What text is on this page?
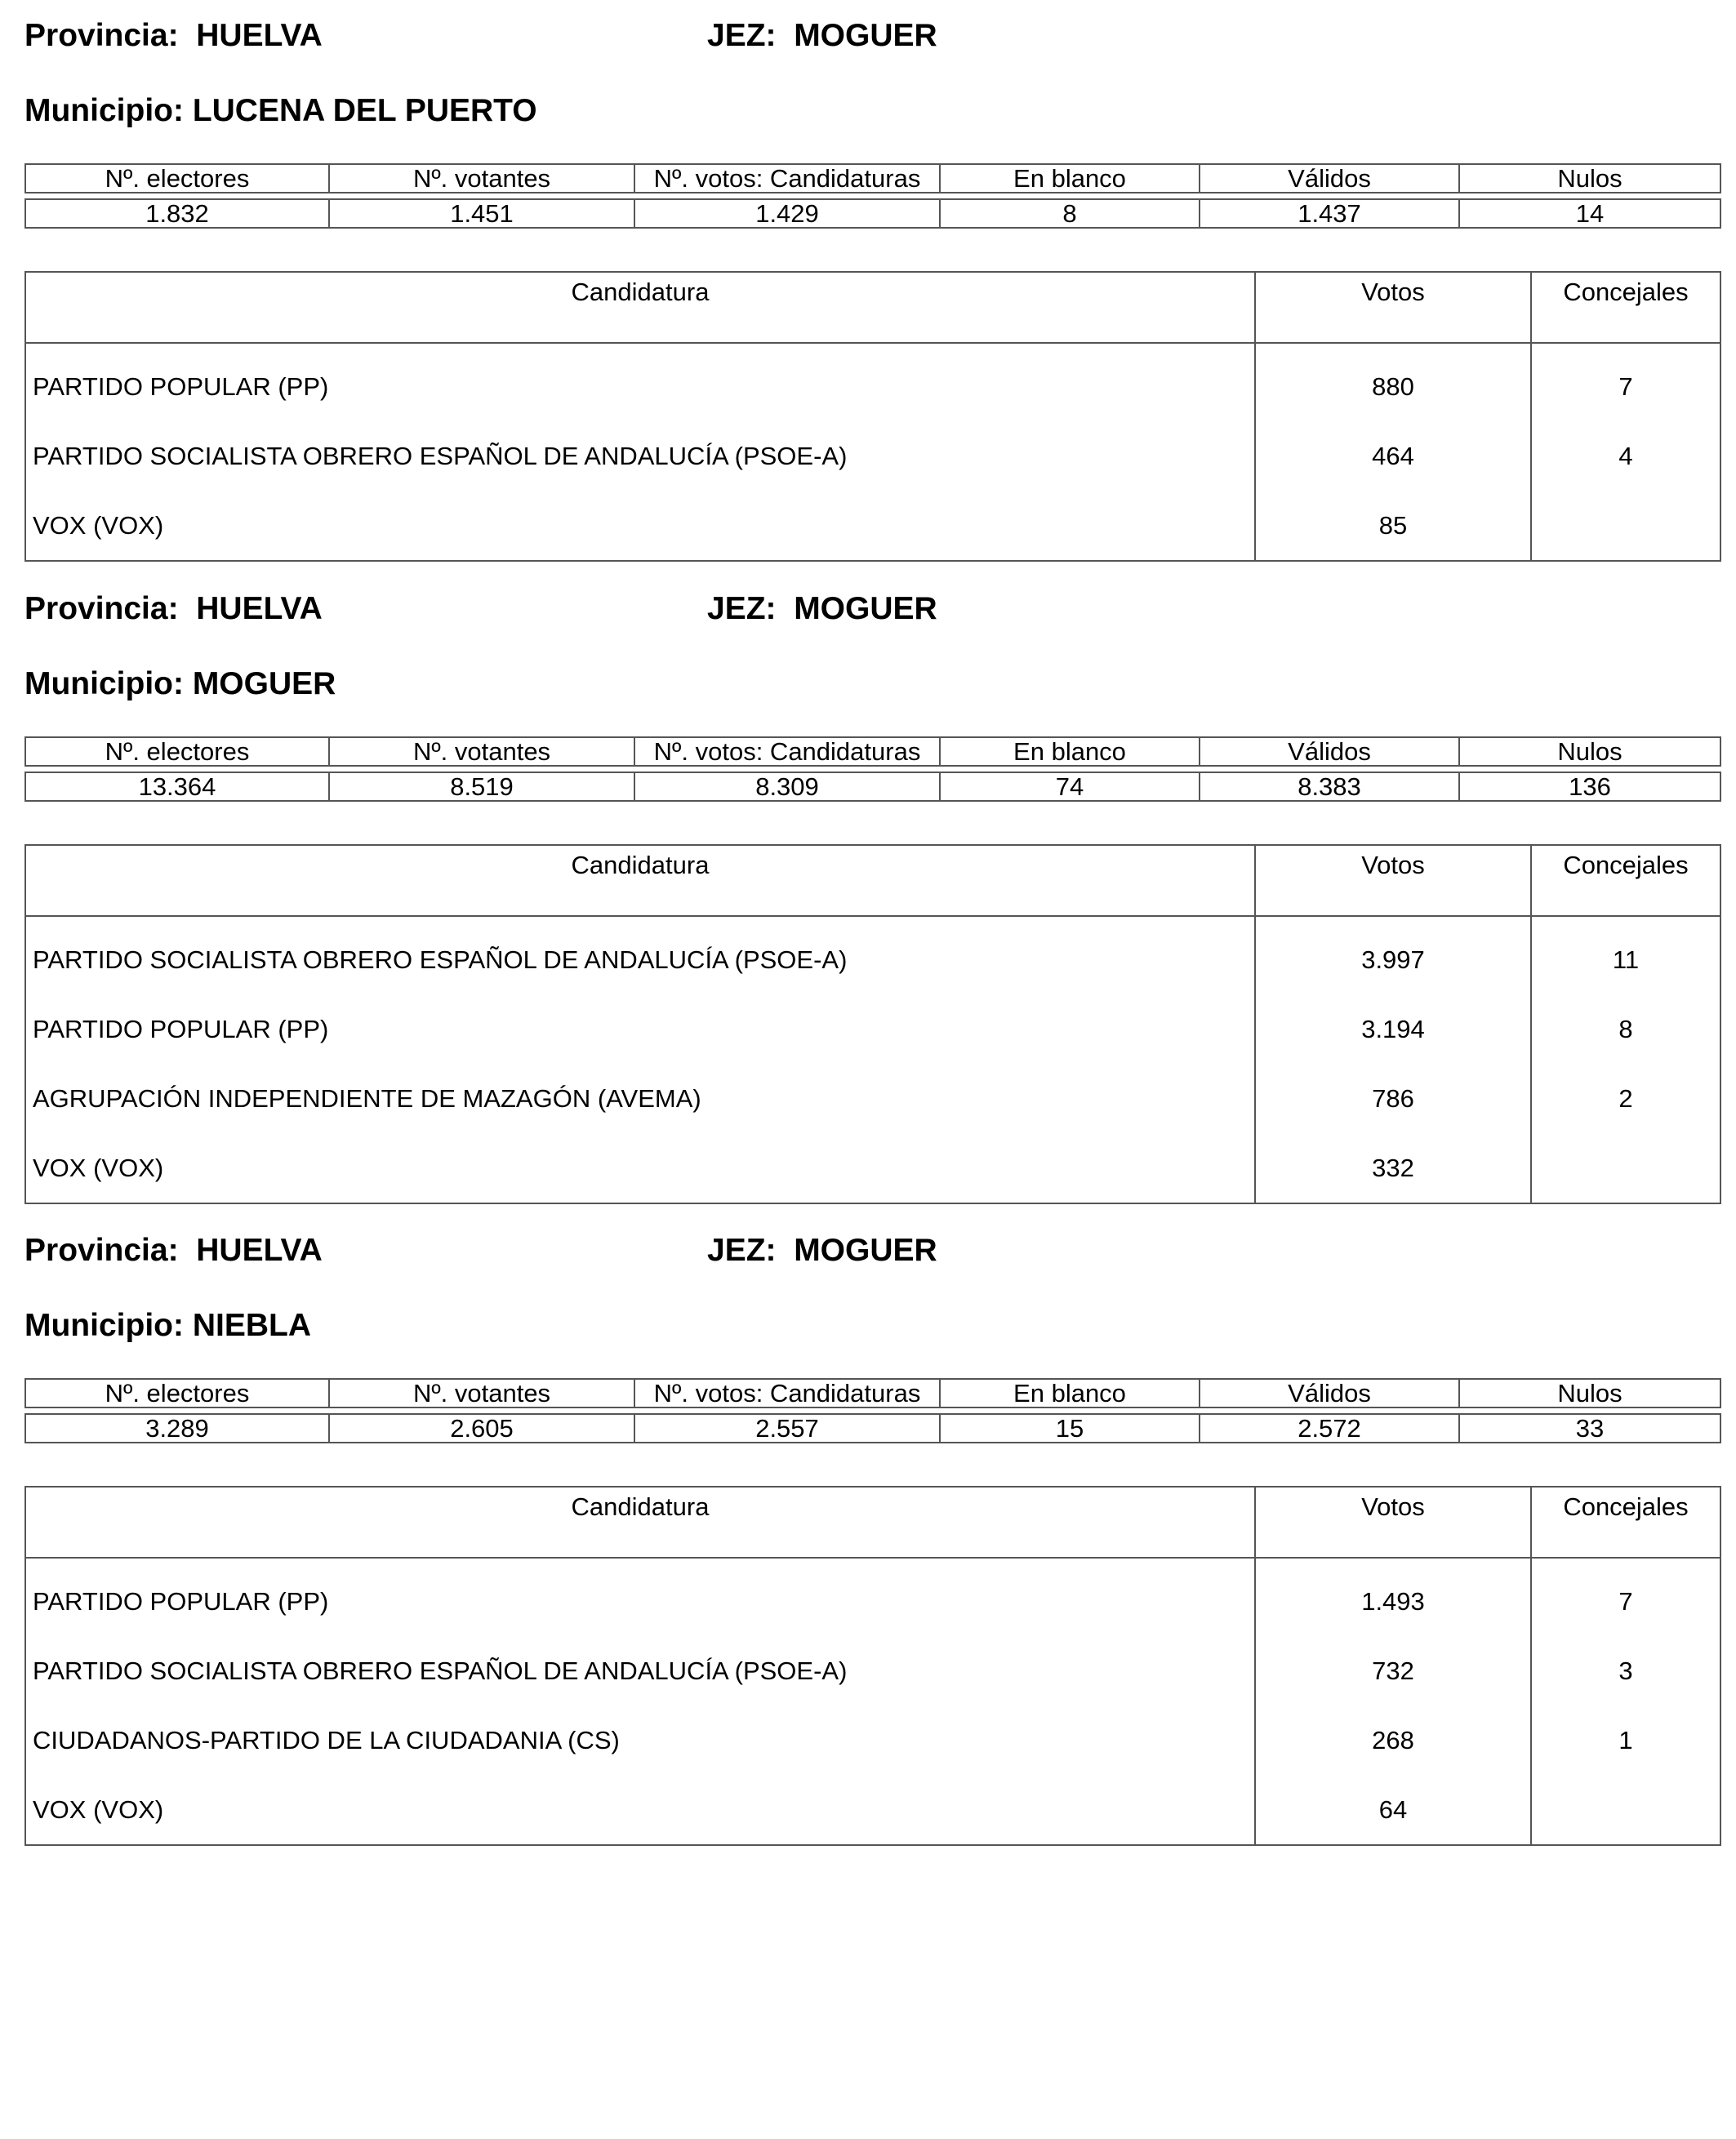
Provincia: HUELVA	JEZ: MOGUER
Municipio: LUCENA DEL PUERTO
Nº. electores	Nº. votantes	Nº. votos: Candidaturas	En blanco	Válidos	Nulos
1.832	1.451	1.429	8	1.437	14
Candidatura	Votos	Concejales
PARTIDO POPULAR (PP)	880	7
PARTIDO SOCIALISTA OBRERO ESPAÑOL DE ANDALUCÍA (PSOE-A)	464	4
VOX (VOX)	85	
Provincia: HUELVA	JEZ: MOGUER
Municipio: MOGUER
Nº. electores	Nº. votantes	Nº. votos: Candidaturas	En blanco	Válidos	Nulos
13.364	8.519	8.309	74	8.383	136
Candidatura	Votos	Concejales
PARTIDO SOCIALISTA OBRERO ESPAÑOL DE ANDALUCÍA (PSOE-A)	3.997	11
PARTIDO POPULAR (PP)	3.194	8
AGRUPACIÓN INDEPENDIENTE DE MAZAGÓN (AVEMA)	786	2
VOX (VOX)	332	
Provincia: HUELVA	JEZ: MOGUER
Municipio: NIEBLA
Nº. electores	Nº. votantes	Nº. votos: Candidaturas	En blanco	Válidos	Nulos
3.289	2.605	2.557	15	2.572	33
Candidatura	Votos	Concejales
PARTIDO POPULAR (PP)	1.493	7
PARTIDO SOCIALISTA OBRERO ESPAÑOL DE ANDALUCÍA (PSOE-A)	732	3
CIUDADANOS-PARTIDO DE LA CIUDADANIA (CS)	268	1
VOX (VOX)	64	
